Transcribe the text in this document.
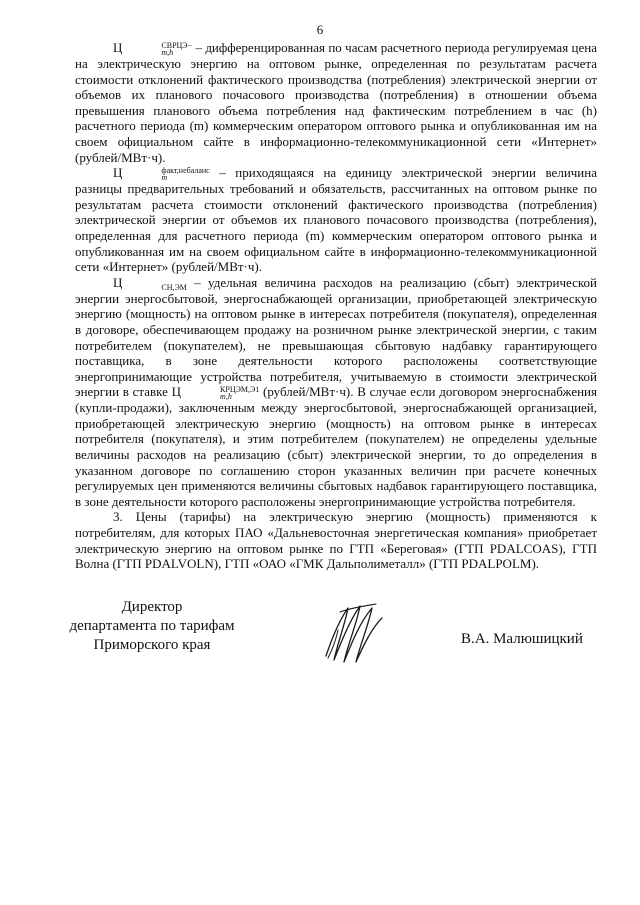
6

Ц	СВРЦЭ−
m,h	– дифференцированная по часам расчетного периода регулируемая цена на электрическую энергию на оптовом рынке, определенная по результатам расчета стоимости отклонений фактического производства (потребления) электрической энергии от объемов их планового почасового производства (потребления) в отношении объема превышения планового объема потребления над фактическим потреблением в час (h) расчетного периода (m) коммерческим оператором оптового рынка и опубликованная им на своем официальном сайте в информационно-телекоммуникационной сети «Интернет» (рублей/МВт·ч).

Ц	факт,небаланс
m	– приходящаяся на единицу электрической энергии величина разницы предварительных требований и обязательств, рассчитанных на оптовом рынке по результатам расчета стоимости отклонений фактического производства (потребления) электрической энергии от объемов их планового почасового производства (потребления), определенная для расчетного периода (m) коммерческим оператором оптового рынка и опубликованная им на своем официальном сайте в информационно-телекоммуникационной сети «Интернет» (рублей/МВт·ч).

Ц	СН,ЭМ – удельная величина расходов на реализацию (сбыт) электрической энергии энергосбытовой, энергоснабжающей организации, приобретающей электрическую энергию (мощность) на оптовом рынке в интересах потребителя (покупателя), определенная в договоре, обеспечивающем продажу на розничном рынке электрической энергии, с таким потребителем (покупателем), не превышающая сбытовую надбавку гарантирующего поставщика, в зоне деятельности которого расположены соответствующие энергопринимающие устройства потребителя, учитываемую в стоимости электрической энергии в ставке Ц	КРЦЭМ,Э1
m,h	(рублей/МВт·ч). В случае если договором энергоснабжения (купли-продажи), заключенным между энергосбытовой, энергоснабжающей организацией, приобретающей электрическую энергию (мощность) на оптовом рынке в интересах потребителя (покупателя), и этим потребителем (покупателем) не определены удельные величины расходов на реализацию (сбыт) электрической энергии, то до определения в указанном договоре по соглашению сторон указанных величин при расчете конечных регулируемых цен применяются величины сбытовых надбавок гарантирующего поставщика, в зоне деятельности которого расположены энергопринимающие устройства потребителя.

3. Цены (тарифы) на электрическую энергию (мощность) применяются к потребителям, для которых ПАО «Дальневосточная энергетическая компания» приобретает электрическую энергию на оптовом рынке по ГТП «Береговая» (ГТП PDALCOAS), ГТП Волна (ГТП PDALVOLN), ГТП «ОАО «ГМК Дальполиметалл» (ГТП PDALPOLM).

Директор
департамента по тарифам
Приморского края	В.А. Малюшицкий
